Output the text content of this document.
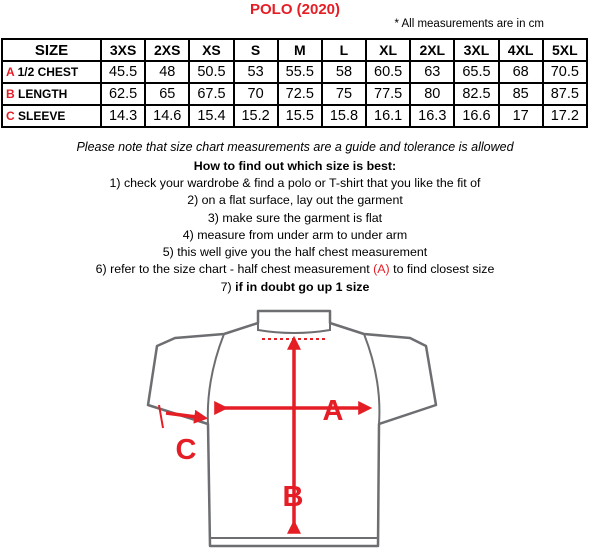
POLO (2020)
* All measurements are in cm
SIZE	3XS	2XS	XS	S	M	L	XL	2XL	3XL	4XL	5XL
A 1/2 CHEST	45.5	48	50.5	53	55.5	58	60.5	63	65.5	68	70.5
B LENGTH	62.5	65	67.5	70	72.5	75	77.5	80	82.5	85	87.5
C SLEEVE	14.3	14.6	15.4	15.2	15.5	15.8	16.1	16.3	16.6	17	17.2
Please note that size chart measurements are a guide and tolerance is allowed
How to find out which size is best:
1) check your wardrobe & find a polo or T-shirt that you like the fit of
2) on a flat surface, lay out the garment
3) make sure the garment is flat
4) measure from under arm to under arm
5) this well give you the half chest measurement
6) refer to the size chart - half chest measurement (A) to find closest size
7) if in doubt go up 1 size
A
B
C
